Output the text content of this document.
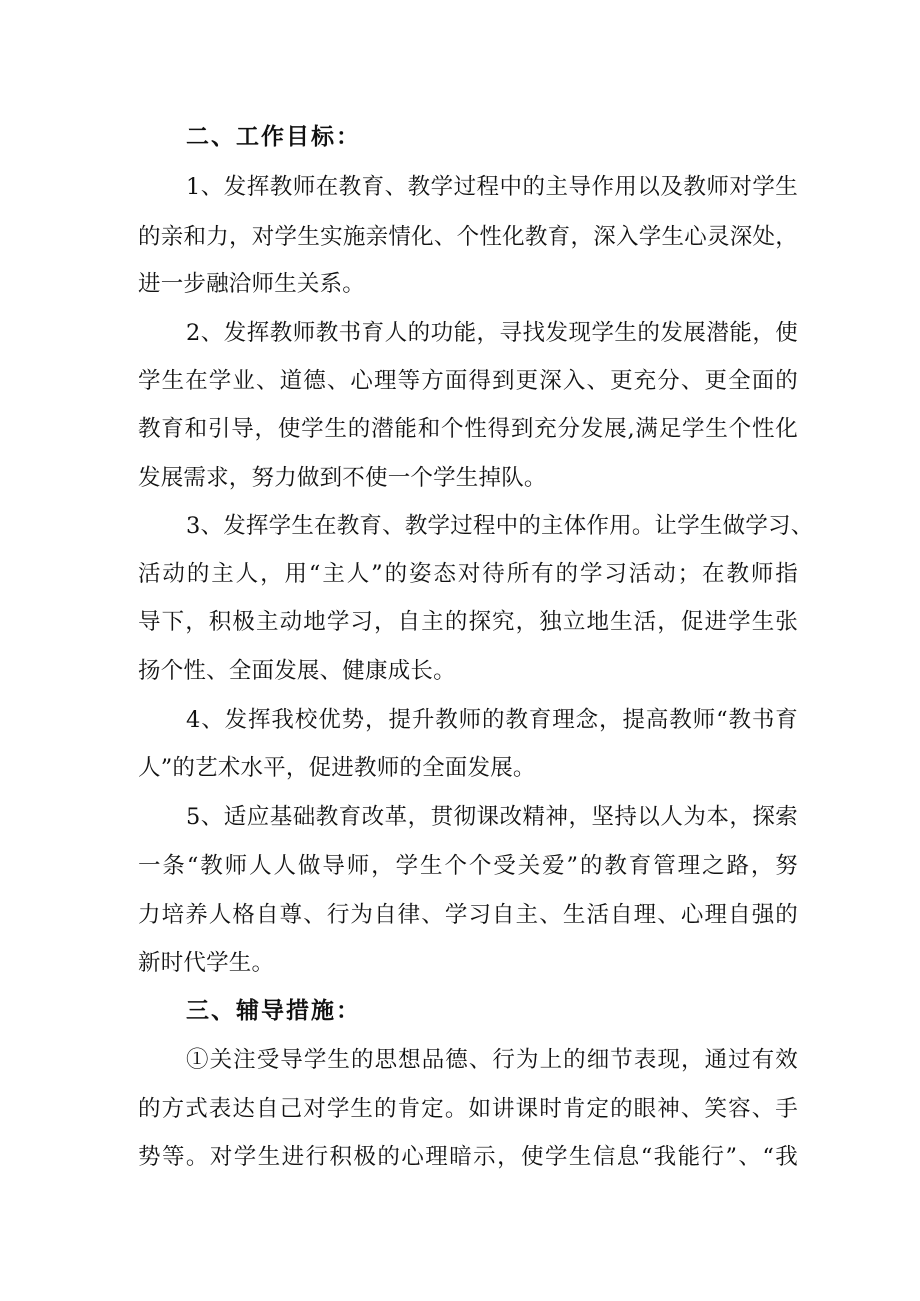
二、工作目标：
1、发挥教师在教育、教学过程中的主导作用以及教师对学生
的亲和力，对学生实施亲情化、个性化教育，深入学生心灵深处，
进一步融洽师生关系。
2、发挥教师教书育人的功能，寻找发现学生的发展潜能，使
学生在学业、道德、心理等方面得到更深入、更充分、更全面的
教育和引导，使学生的潜能和个性得到充分发展,满足学生个性化
发展需求，努力做到不使一个学生掉队。
3、发挥学生在教育、教学过程中的主体作用。让学生做学习、
活动的主人，用“主人”的姿态对待所有的学习活动；在教师指
导下，积极主动地学习，自主的探究，独立地生活，促进学生张
扬个性、全面发展、健康成长。
4、发挥我校优势，提升教师的教育理念，提高教师“教书育
人”的艺术水平，促进教师的全面发展。
5、适应基础教育改革，贯彻课改精神，坚持以人为本，探索
一条“教师人人做导师，学生个个受关爱”的教育管理之路，努
力培养人格自尊、行为自律、学习自主、生活自理、心理自强的
新时代学生。
三、辅导措施：
①关注受导学生的思想品德、行为上的细节表现，通过有效
的方式表达自己对学生的肯定。如讲课时肯定的眼神、笑容、手
势等。对学生进行积极的心理暗示，使学生信息“我能行”、“我
